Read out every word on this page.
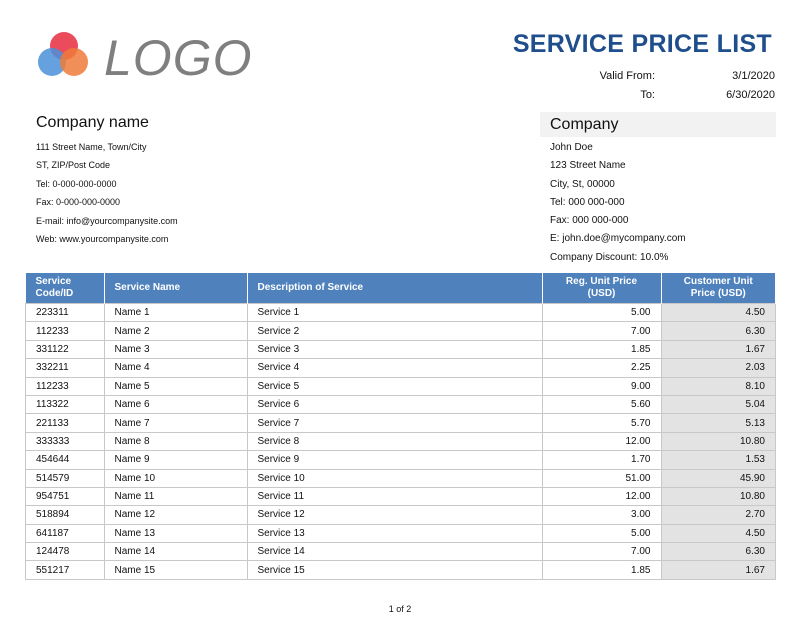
LOGO	SERVICE PRICE LIST
Valid From:	3/1/2020
To:	6/30/2020
Company name
111 Street Name, Town/City
ST, ZIP/Post Code
Tel: 0-000-000-0000
Fax: 0-000-000-0000
E-mail: info@yourcompanysite.com
Web: www.yourcompanysite.com
Company
John Doe
123 Street Name
City, St, 00000
Tel: 000 000-000
Fax: 000 000-000
E: john.doe@mycompany.com
Company Discount: 10.0%
Service Code/ID	Service Name	Description of Service	Reg. Unit Price (USD)	Customer Unit Price (USD)
223311	Name 1	Service 1	5.00	4.50
112233	Name 2	Service 2	7.00	6.30
331122	Name 3	Service 3	1.85	1.67
332211	Name 4	Service 4	2.25	2.03
112233	Name 5	Service 5	9.00	8.10
113322	Name 6	Service 6	5.60	5.04
221133	Name 7	Service 7	5.70	5.13
333333	Name 8	Service 8	12.00	10.80
454644	Name 9	Service 9	1.70	1.53
514579	Name 10	Service 10	51.00	45.90
954751	Name 11	Service 11	12.00	10.80
518894	Name 12	Service 12	3.00	2.70
641187	Name 13	Service 13	5.00	4.50
124478	Name 14	Service 14	7.00	6.30
551217	Name 15	Service 15	1.85	1.67
1 of 2
